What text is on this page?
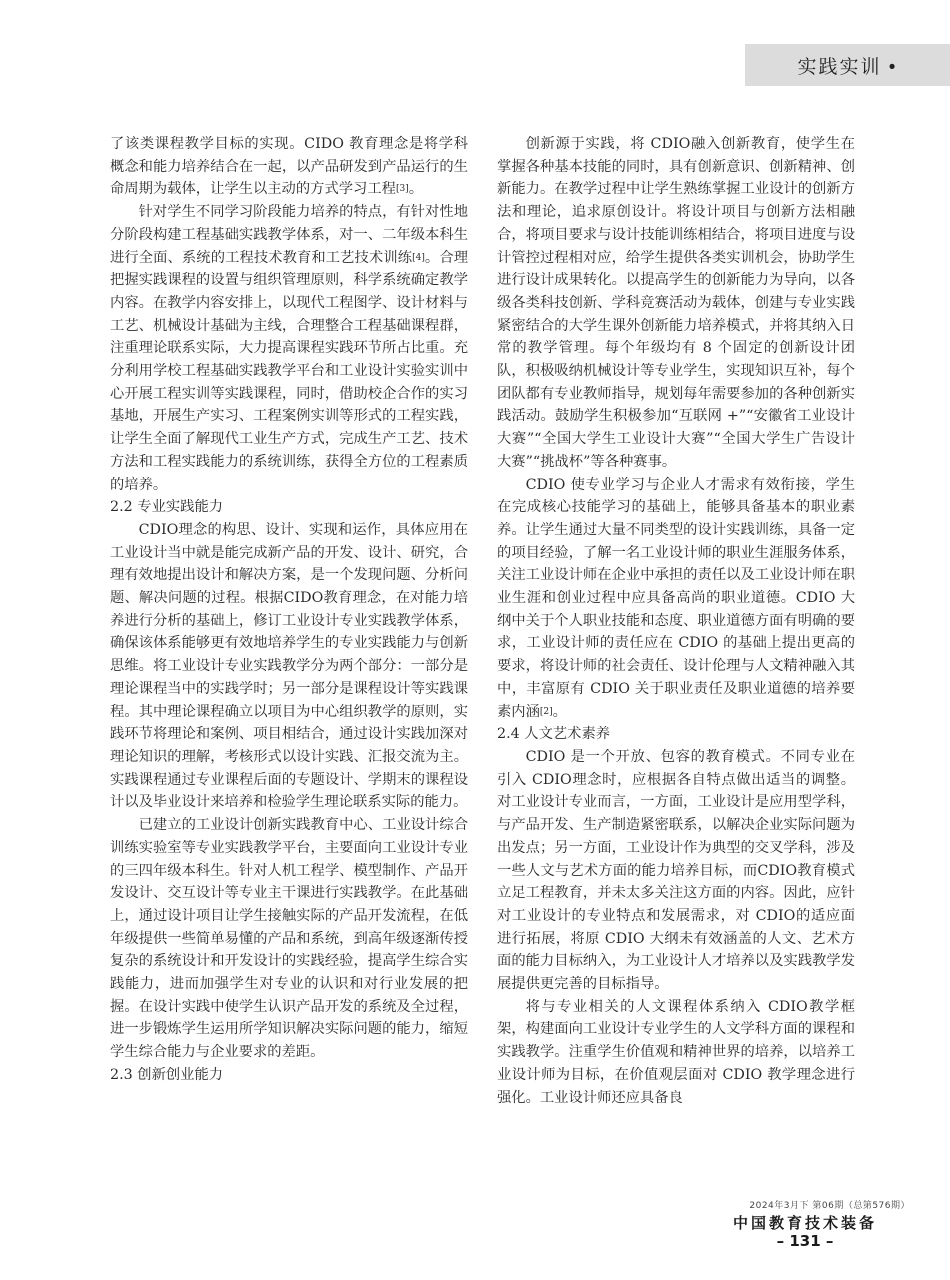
实践实训 •

了该类课程教学目标的实现。CIDO 教育理念是将学科概念和能力培养结合在一起，以产品研发到产品运行的生命周期为载体，让学生以主动的方式学习工程[3]。

针对学生不同学习阶段能力培养的特点，有针对性地分阶段构建工程基础实践教学体系，对一、二年级本科生进行全面、系统的工程技术教育和工艺技术训练[4]。合理把握实践课程的设置与组织管理原则，科学系统确定教学内容。在教学内容安排上，以现代工程图学、设计材料与工艺、机械设计基础为主线，合理整合工程基础课程群，注重理论联系实际，大力提高课程实践环节所占比重。充分利用学校工程基础实践教学平台和工业设计实验实训中心开展工程实训等实践课程，同时，借助校企合作的实习基地，开展生产实习、工程案例实训等形式的工程实践，让学生全面了解现代工业生产方式，完成生产工艺、技术方法和工程实践能力的系统训练，获得全方位的工程素质的培养。

2.2 专业实践能力

CDIO理念的构思、设计、实现和运作，具体应用在工业设计当中就是能完成新产品的开发、设计、研究，合理有效地提出设计和解决方案，是一个发现问题、分析问题、解决问题的过程。根据CIDO教育理念，在对能力培养进行分析的基础上，修订工业设计专业实践教学体系，确保该体系能够更有效地培养学生的专业实践能力与创新思维。将工业设计专业实践教学分为两个部分：一部分是理论课程当中的实践学时；另一部分是课程设计等实践课程。其中理论课程确立以项目为中心组织教学的原则，实践环节将理论和案例、项目相结合，通过设计实践加深对理论知识的理解，考核形式以设计实践、汇报交流为主。实践课程通过专业课程后面的专题设计、学期末的课程设计以及毕业设计来培养和检验学生理论联系实际的能力。

已建立的工业设计创新实践教育中心、工业设计综合训练实验室等专业实践教学平台，主要面向工业设计专业的三四年级本科生。针对人机工程学、模型制作、产品开发设计、交互设计等专业主干课进行实践教学。在此基础上，通过设计项目让学生接触实际的产品开发流程，在低年级提供一些简单易懂的产品和系统，到高年级逐渐传授复杂的系统设计和开发设计的实践经验，提高学生综合实践能力，进而加强学生对专业的认识和对行业发展的把握。在设计实践中使学生认识产品开发的系统及全过程，进一步锻炼学生运用所学知识解决实际问题的能力，缩短学生综合能力与企业要求的差距。

2.3 创新创业能力

创新源于实践，将 CDIO融入创新教育，使学生在掌握各种基本技能的同时，具有创新意识、创新精神、创新能力。在教学过程中让学生熟练掌握工业设计的创新方法和理论，追求原创设计。将设计项目与创新方法相融合，将项目要求与设计技能训练相结合，将项目进度与设计管控过程相对应，给学生提供各类实训机会，协助学生进行设计成果转化。以提高学生的创新能力为导向，以各级各类科技创新、学科竞赛活动为载体，创建与专业实践紧密结合的大学生课外创新能力培养模式，并将其纳入日常的教学管理。每个年级均有 8 个固定的创新设计团队，积极吸纳机械设计等专业学生，实现知识互补，每个团队都有专业教师指导，规划每年需要参加的各种创新实践活动。鼓励学生积极参加“互联网 +”“安徽省工业设计大赛”“全国大学生工业设计大赛”“全国大学生广告设计大赛”“挑战杯”等各种赛事。

CDIO 使专业学习与企业人才需求有效衔接，学生在完成核心技能学习的基础上，能够具备基本的职业素养。让学生通过大量不同类型的设计实践训练，具备一定的项目经验，了解一名工业设计师的职业生涯服务体系，关注工业设计师在企业中承担的责任以及工业设计师在职业生涯和创业过程中应具备高尚的职业道德。CDIO 大纲中关于个人职业技能和态度、职业道德方面有明确的要求，工业设计师的责任应在 CDIO 的基础上提出更高的要求，将设计师的社会责任、设计伦理与人文精神融入其中，丰富原有 CDIO 关于职业责任及职业道德的培养要素内涵[2]。

2.4 人文艺术素养

CDIO 是一个开放、包容的教育模式。不同专业在引入 CDIO理念时，应根据各自特点做出适当的调整。对工业设计专业而言，一方面，工业设计是应用型学科，与产品开发、生产制造紧密联系，以解决企业实际问题为出发点；另一方面，工业设计作为典型的交叉学科，涉及一些人文与艺术方面的能力培养目标，而CDIO教育模式立足工程教育，并未太多关注这方面的内容。因此，应针对工业设计的专业特点和发展需求，对 CDIO的适应面进行拓展，将原 CDIO 大纲未有效涵盖的人文、艺术方面的能力目标纳入，为工业设计人才培养以及实践教学发展提供更完善的目标指导。

将与专业相关的人文课程体系纳入 CDIO教学框架，构建面向工业设计专业学生的人文学科方面的课程和实践教学。注重学生价值观和精神世界的培养，以培养工业设计师为目标，在价值观层面对 CDIO 教学理念进行强化。工业设计师还应具备良

2024年3月下 第06期（总第576期）
中国教育技术装备
– 131 –
